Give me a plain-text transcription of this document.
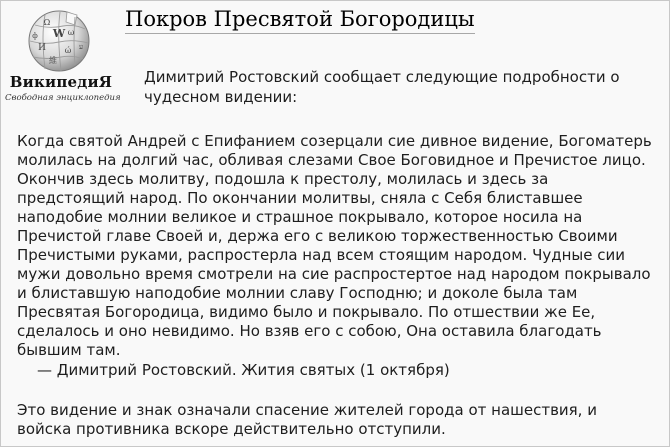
Ω
W
И
ω
ώ
維
ע
ф
ВикипедиЯ
Свободная энциклопедия
Покров Пресвятой Богородицы
Димитрий Ростовский сообщает следующие подробности о чудесном видении:
Когда святой Андрей с Епифанием созерцали сие дивное видение, Богоматерь молилась на долгий час, обливая слезами Свое Боговидное и Пречистое лицо. Окончив здесь молитву, подошла к престолу, молилась и здесь за предстоящий народ. По окончании молитвы, сняла с Себя блиставшее наподобие молнии великое и страшное покрывало, которое носила на Пречистой главе Своей и, держа его с великою торжественностью Своими Пречистыми руками, распростерла над всем стоящим народом. Чудные сии мужи довольно время смотрели на сие распростертое над народом покрывало и блиставшую наподобие молнии славу Господню; и доколе была там Пресвятая Богородица, видимо было и покрывало. По отшествии же Ее, сделалось и оно невидимо. Но взяв его с собою, Она оставила благодать бывшим там.
— Димитрий Ростовский. Жития святых (1 октября)
Это видение и знак означали спасение жителей города от нашествия, и войска противника вскоре действительно отступили.
